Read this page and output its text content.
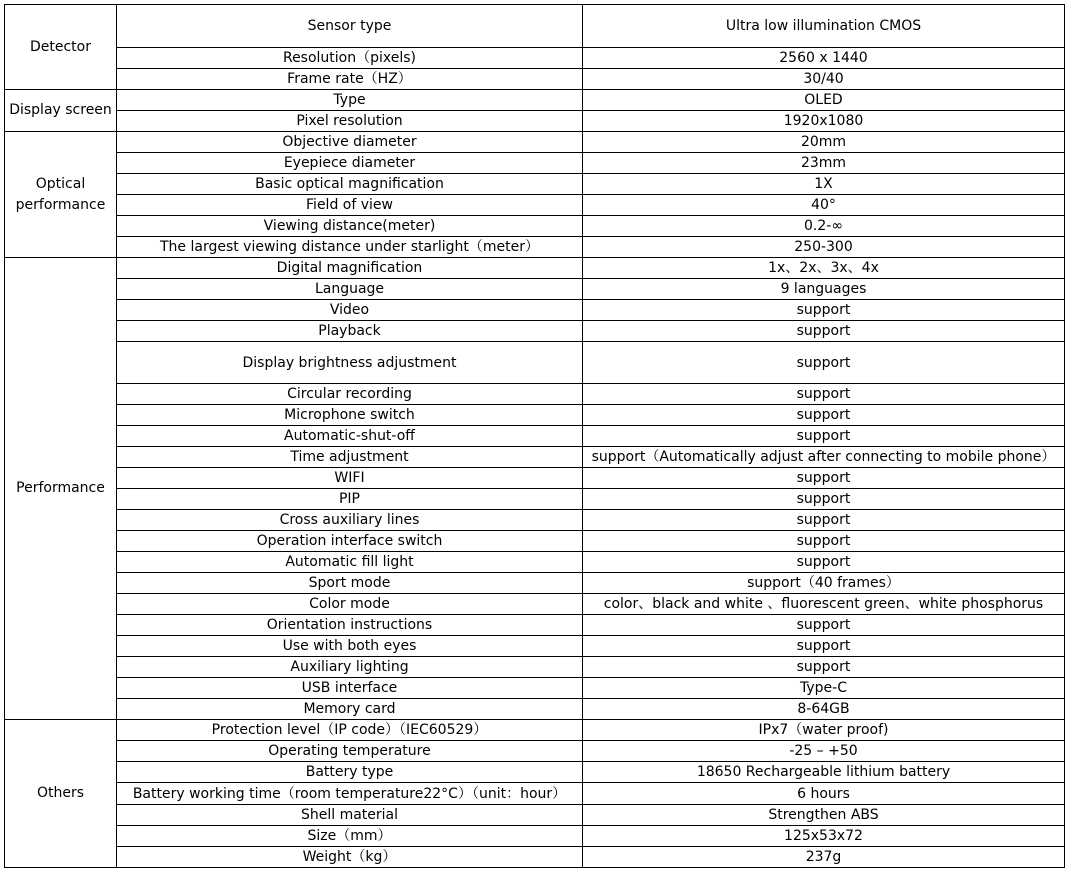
Detector	Sensor type	Ultra low illumination CMOS
	Resolution（pixels)	2560 x 1440
	Frame rate（HZ）	30/40
Display screen	Type	OLED
	Pixel resolution	1920x1080
Optical performance	Objective diameter	20mm
	Eyepiece diameter	23mm
	Basic optical magnification	1X
	Field of view	40°
	Viewing distance(meter)	0.2-∞
	The largest viewing distance under starlight（meter）	250-300
Performance	Digital magnification	1x、2x、3x、4x
	Language	9 languages
	Video	support
	Playback	support
	Display brightness adjustment	support
	Circular recording	support
	Microphone switch	support
	Automatic-shut-off	support
	Time adjustment	support（Automatically adjust after connecting to mobile phone）
	WIFI	support
	PIP	support
	Cross auxiliary lines	support
	Operation interface switch	support
	Automatic fill light	support
	Sport mode	support（40 frames）
	Color mode	color、black and white 、fluorescent green、white phosphorus
	Orientation instructions	support
	Use with both eyes	support
	Auxiliary lighting	support
	USB interface	Type-C
	Memory card	8-64GB
Others	Protection level（IP code）（IEC60529）	IPx7（water proof)
	Operating temperature	-25 – +50
	Battery type	18650 Rechargeable lithium battery
	Battery working time（room temperature22°C）（unit：hour）	6 hours
	Shell material	Strengthen ABS
	Size（mm）	125x53x72
	Weight（kg）	237g
